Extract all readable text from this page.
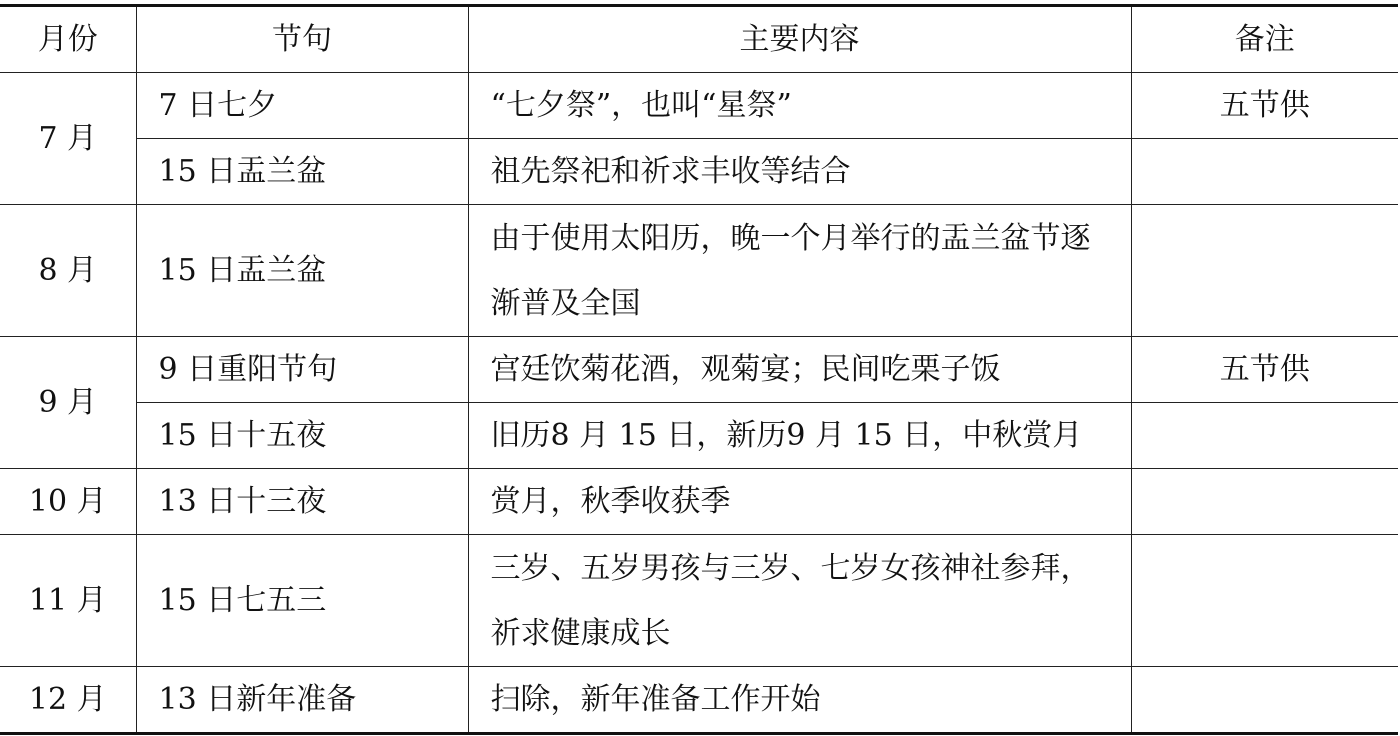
月份	节句	主要内容	备注
7 月	7 日七夕	“七夕祭”，也叫“星祭”	五节供
	15 日盂兰盆	祖先祭祀和祈求丰收等结合	
8 月	15 日盂兰盆	由于使用太阳历，晚一个月举行的盂兰盆节逐渐普及全国	
9 月	9 日重阳节句	宫廷饮菊花酒，观菊宴；民间吃栗子饭	五节供
	15 日十五夜	旧历8 月 15 日，新历9 月 15 日，中秋赏月	
10 月	13 日十三夜	赏月，秋季收获季	
11 月	15 日七五三	三岁、五岁男孩与三岁、七岁女孩神社参拜，祈求健康成长	
12 月	13 日新年准备	扫除，新年准备工作开始	
